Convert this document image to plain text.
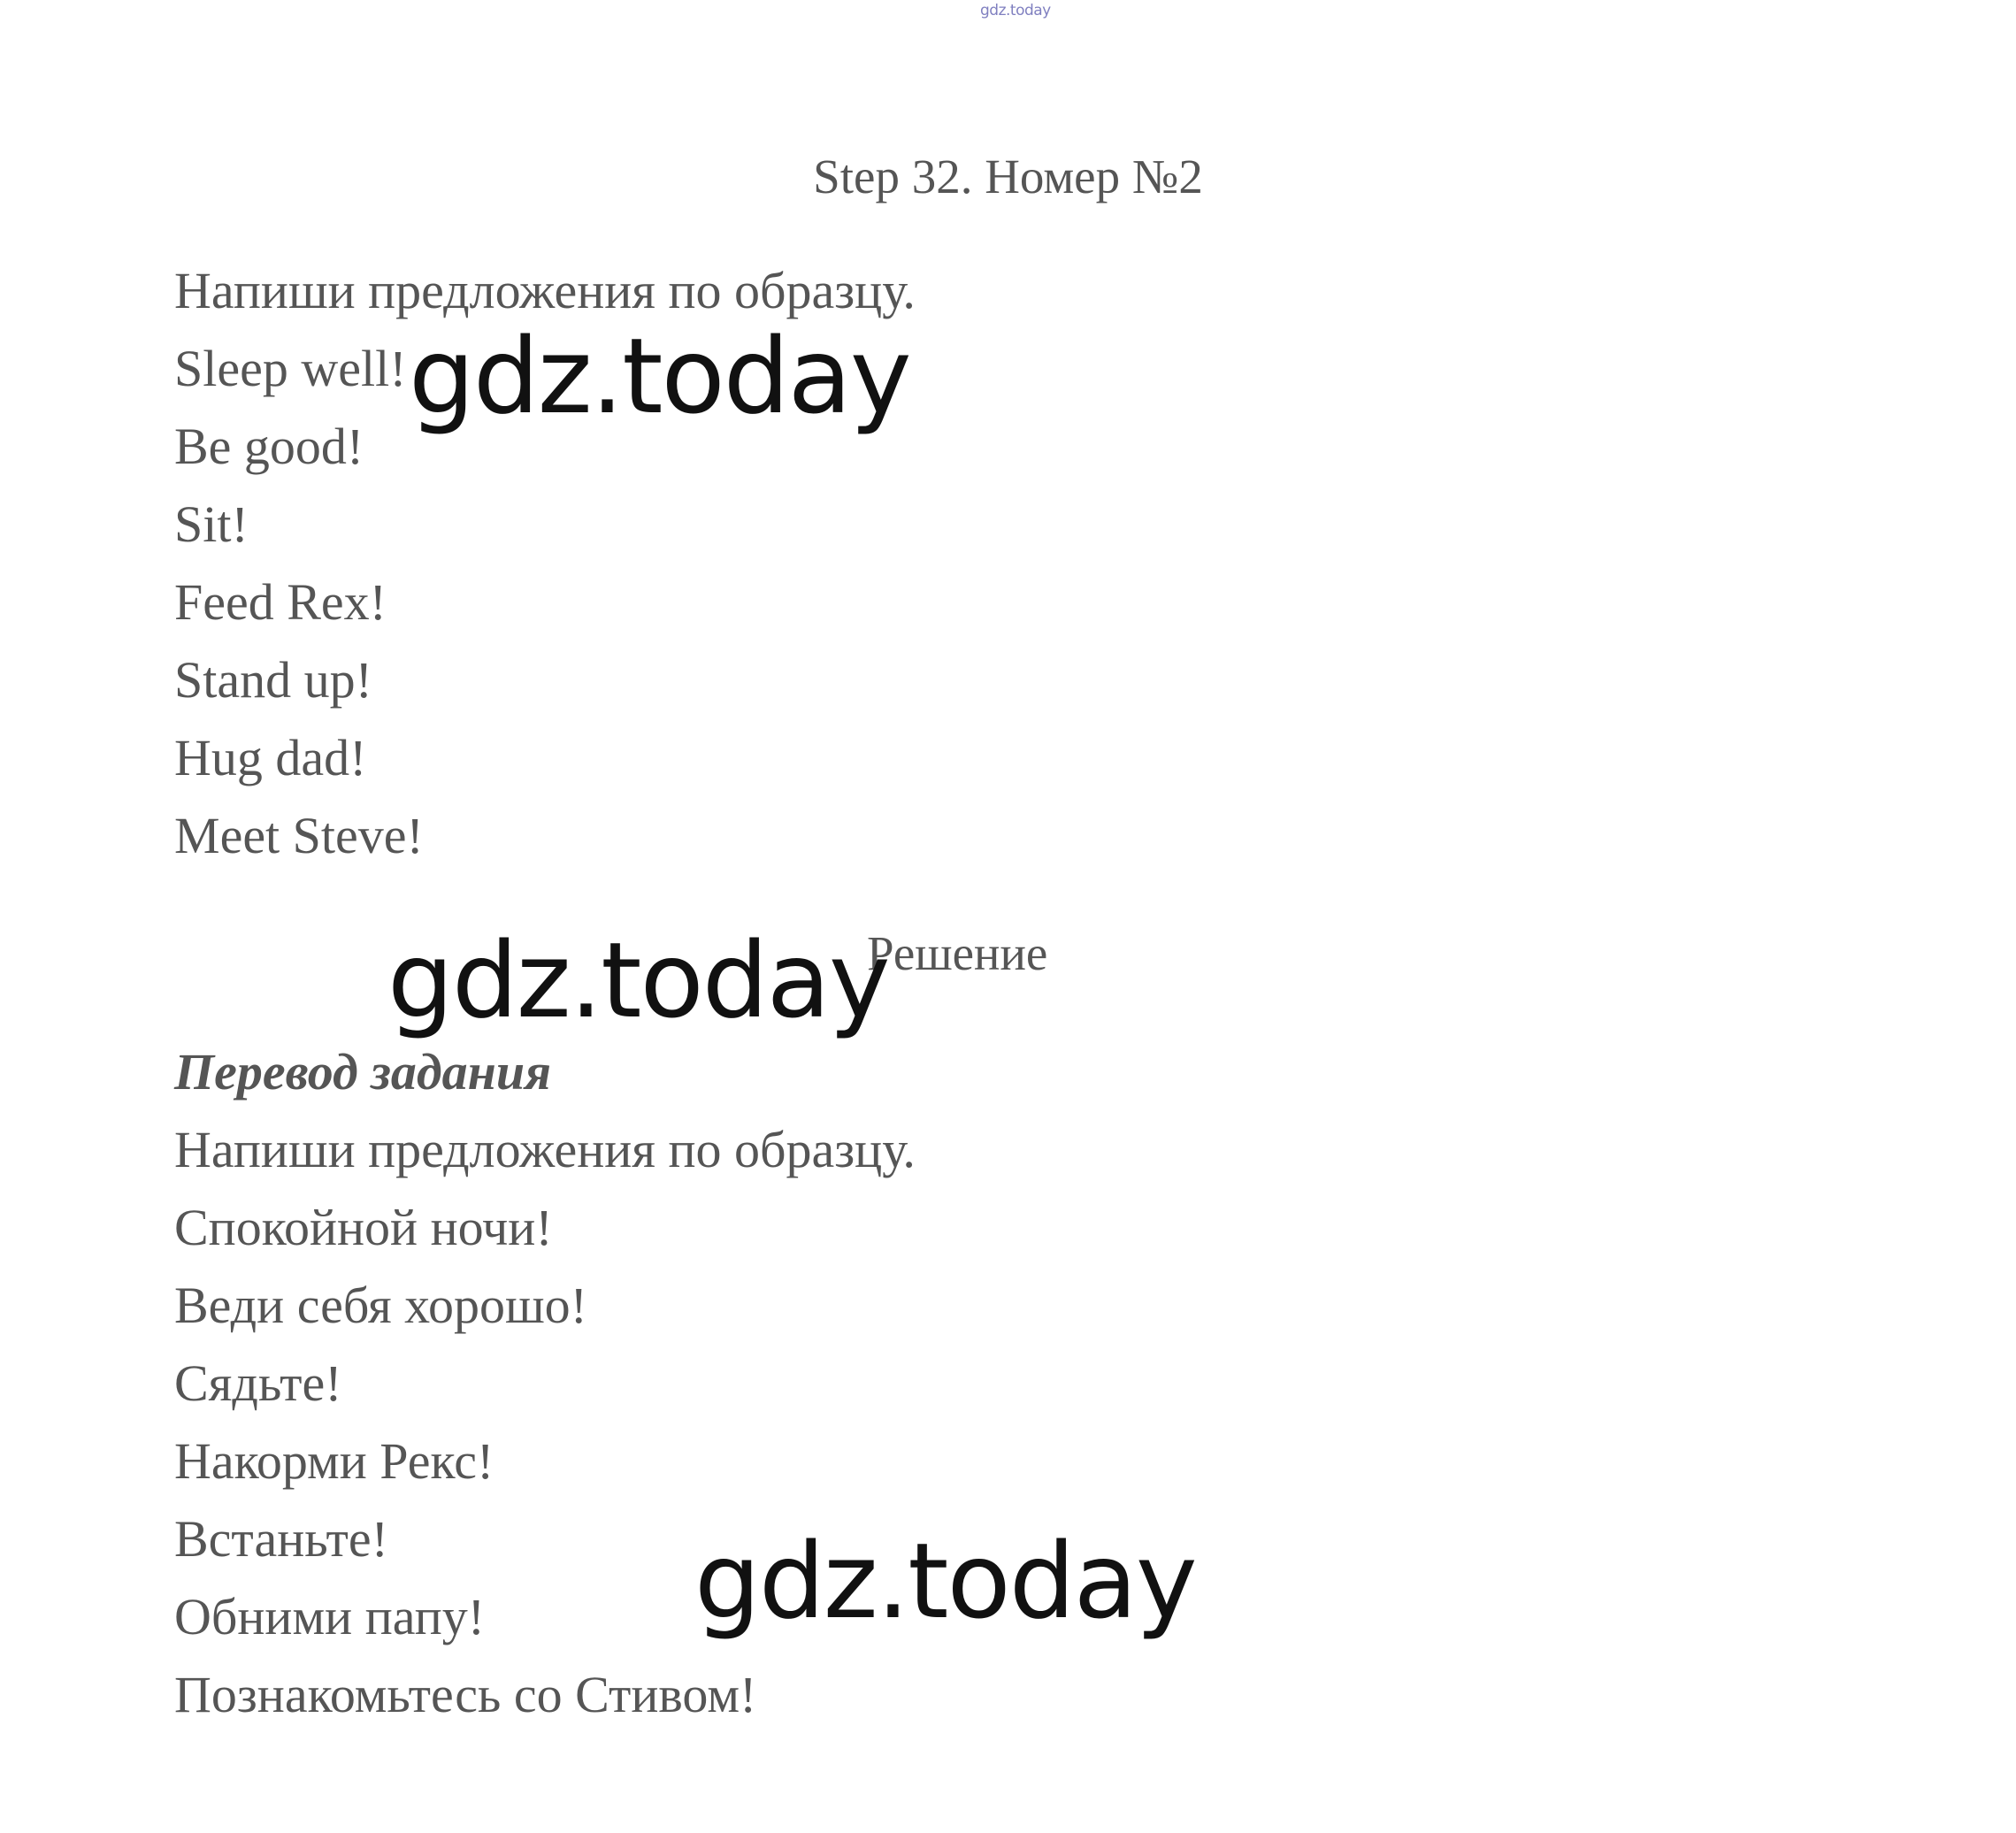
gdz.today
Step 32. Номер №2

Напиши предложения по образцу.

Sleep well!

Be good!

Sit!

Feed Rex!

Stand up!

Hug dad!

Meet Steve!

Решение

Перевод задания

Напиши предложения по образцу.

Спокойной ночи!

Веди себя хорошо!

Сядьте!

Накорми Рекс!

Встаньте!

Обними папу!

Познакомьтесь со Стивом!

gdz.today
gdz.today
gdz.today
